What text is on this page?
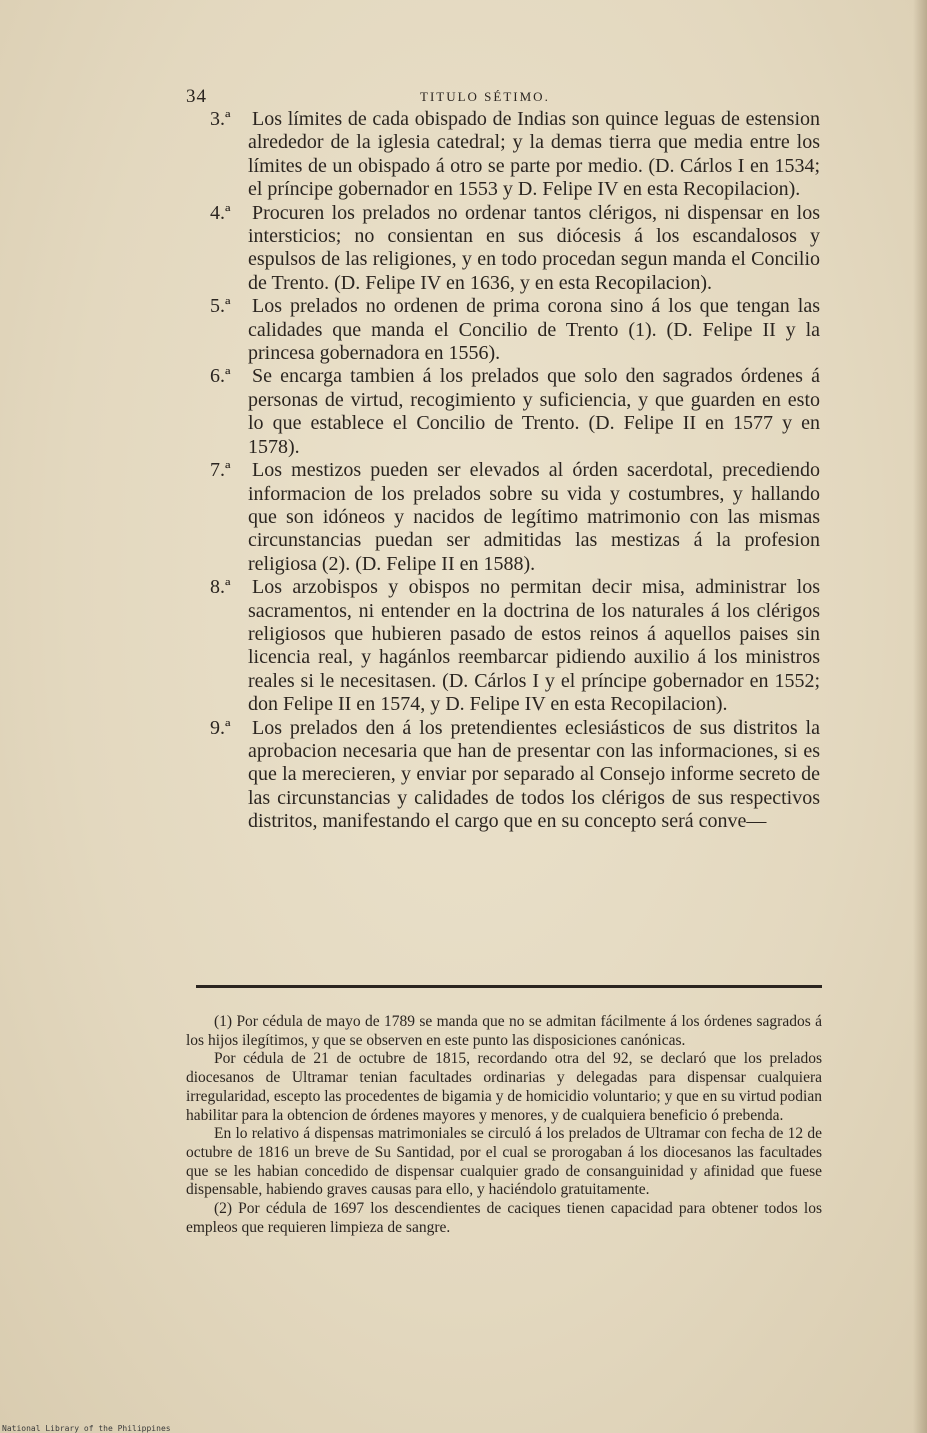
34	TITULO SÉTIMO.

3.ª Los límites de cada obispado de Indias son quince leguas de estension alrededor de la iglesia catedral; y la demas tierra que media entre los límites de un obispado á otro se parte por medio. (D. Cárlos I en 1534; el príncipe gobernador en 1553 y D. Felipe IV en esta Recopilacion).

4.ª Procuren los prelados no ordenar tantos clérigos, ni dispensar en los intersticios; no consientan en sus diócesis á los escandalosos y espulsos de las religiones, y en todo procedan segun manda el Concilio de Trento. (D. Felipe IV en 1636, y en esta Recopilacion).

5.ª Los prelados no ordenen de prima corona sino á los que tengan las calidades que manda el Concilio de Trento (1). (D. Felipe II y la princesa gobernadora en 1556).

6.ª Se encarga tambien á los prelados que solo den sagrados órdenes á personas de virtud, recogimiento y suficiencia, y que guarden en esto lo que establece el Concilio de Trento. (D. Felipe II en 1577 y en 1578).

7.ª Los mestizos pueden ser elevados al órden sacerdotal, precediendo informacion de los prelados sobre su vida y costumbres, y hallando que son idóneos y nacidos de legítimo matrimonio con las mismas circunstancias puedan ser admitidas las mestizas á la profesion religiosa (2). (D. Felipe II en 1588).

8.ª Los arzobispos y obispos no permitan decir misa, administrar los sacramentos, ni entender en la doctrina de los naturales á los clérigos religiosos que hubieren pasado de estos reinos á aquellos paises sin licencia real, y hagánlos reembarcar pidiendo auxilio á los ministros reales si le necesitasen. (D. Cárlos I y el príncipe gobernador en 1552; don Felipe II en 1574, y D. Felipe IV en esta Recopilacion).

9.ª Los prelados den á los pretendientes eclesiásticos de sus distritos la aprobacion necesaria que han de presentar con las informaciones, si es que la merecieren, y enviar por separado al Consejo informe secreto de las circunstancias y calidades de todos los clérigos de sus respectivos distritos, manifestando el cargo que en su concepto será conve—

(1) Por cédula de mayo de 1789 se manda que no se admitan fácilmente á los órdenes sagrados á los hijos ilegítimos, y que se observen en este punto las disposiciones canónicas.

Por cédula de 21 de octubre de 1815, recordando otra del 92, se declaró que los prelados diocesanos de Ultramar tenian facultades ordinarias y delegadas para dispensar cualquiera irregularidad, escepto las procedentes de bigamia y de homicidio voluntario; y que en su virtud podian habilitar para la obtencion de órdenes mayores y menores, y de cualquiera beneficio ó prebenda.

En lo relativo á dispensas matrimoniales se circuló á los prelados de Ultramar con fecha de 12 de octubre de 1816 un breve de Su Santidad, por el cual se prorogaban á los diocesanos las facultades que se les habian concedido de dispensar cualquier grado de consanguinidad y afinidad que fuese dispensable, habiendo graves causas para ello, y haciéndolo gratuitamente.

(2) Por cédula de 1697 los descendientes de caciques tienen capacidad para obtener todos los empleos que requieren limpieza de sangre.

National Library of the Philippines
